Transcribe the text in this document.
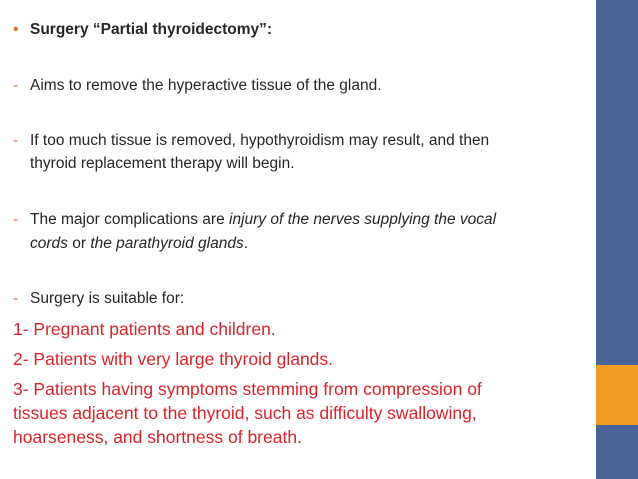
• Surgery “Partial thyroidectomy”:
- Aims to remove the hyperactive tissue of the gland.
- If too much tissue is removed, hypothyroidism may result, and then
thyroid replacement therapy will begin.
- The major complications are injury of the nerves supplying the vocal
cords or the parathyroid glands.
- Surgery is suitable for:
1- Pregnant patients and children.
2- Patients with very large thyroid glands.
3- Patients having symptoms stemming from compression of
tissues adjacent to the thyroid, such as difficulty swallowing,
hoarseness, and shortness of breath.
